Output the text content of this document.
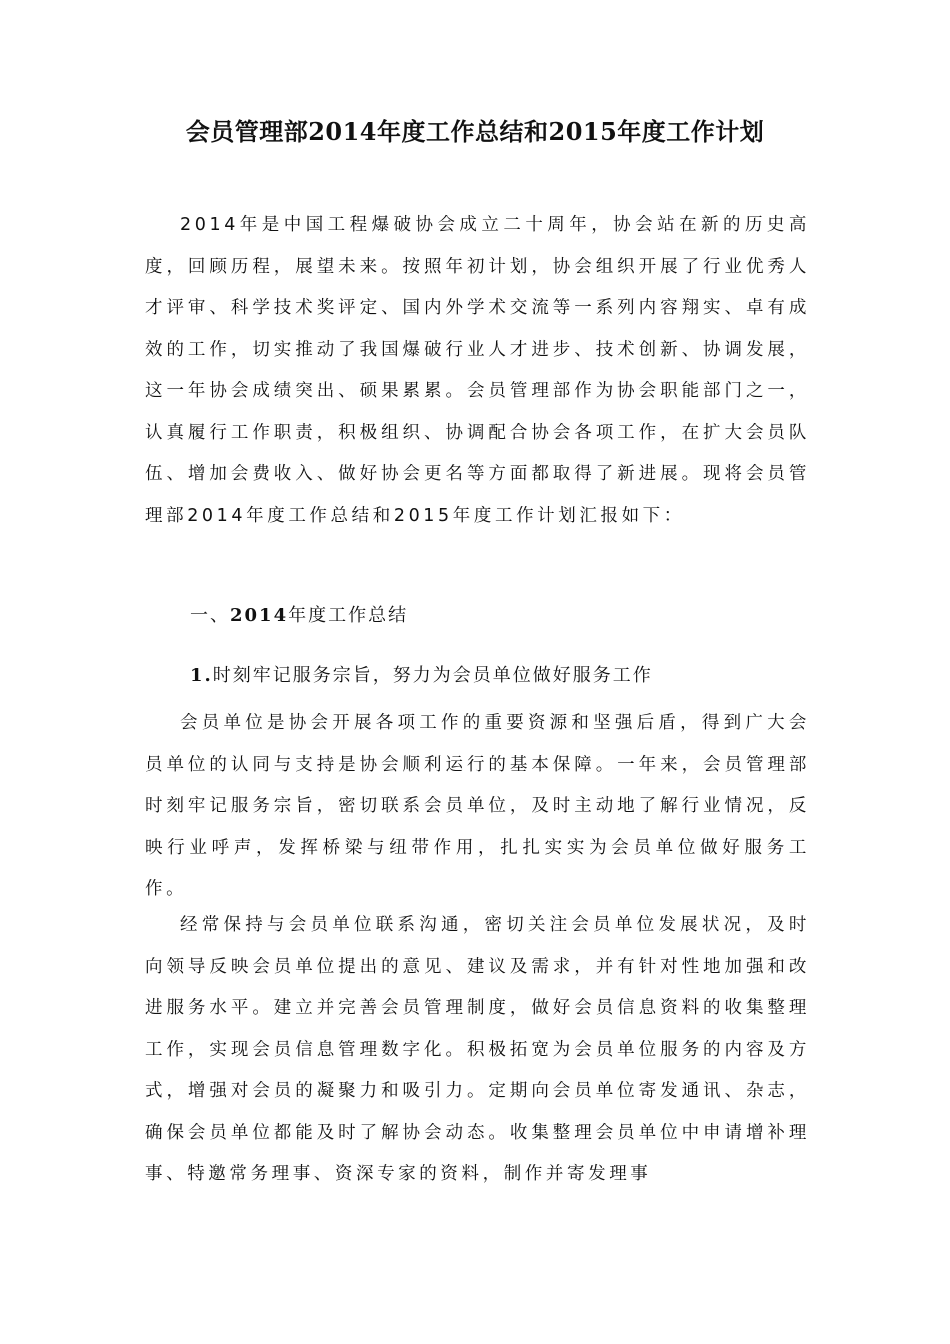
会员管理部2014年度工作总结和2015年度工作计划

2014年是中国工程爆破协会成立二十周年，协会站在新的历史高度，回顾历程，展望未来。按照年初计划，协会组织开展了行业优秀人才评审、科学技术奖评定、国内外学术交流等一系列内容翔实、卓有成效的工作，切实推动了我国爆破行业人才进步、技术创新、协调发展，这一年协会成绩突出、硕果累累。会员管理部作为协会职能部门之一，认真履行工作职责，积极组织、协调配合协会各项工作，在扩大会员队伍、增加会费收入、做好协会更名等方面都取得了新进展。现将会员管理部2014年度工作总结和2015年度工作计划汇报如下：

一、2014年度工作总结
1.时刻牢记服务宗旨，努力为会员单位做好服务工作

会员单位是协会开展各项工作的重要资源和坚强后盾，得到广大会员单位的认同与支持是协会顺利运行的基本保障。一年来，会员管理部时刻牢记服务宗旨，密切联系会员单位，及时主动地了解行业情况，反映行业呼声，发挥桥梁与纽带作用，扎扎实实为会员单位做好服务工作。

经常保持与会员单位联系沟通，密切关注会员单位发展状况，及时向领导反映会员单位提出的意见、建议及需求，并有针对性地加强和改进服务水平。建立并完善会员管理制度，做好会员信息资料的收集整理工作，实现会员信息管理数字化。积极拓宽为会员单位服务的内容及方式，增强对会员的凝聚力和吸引力。定期向会员单位寄发通讯、杂志，确保会员单位都能及时了解协会动态。收集整理会员单位中申请增补理事、特邀常务理事、资深专家的资料，制作并寄发理事
